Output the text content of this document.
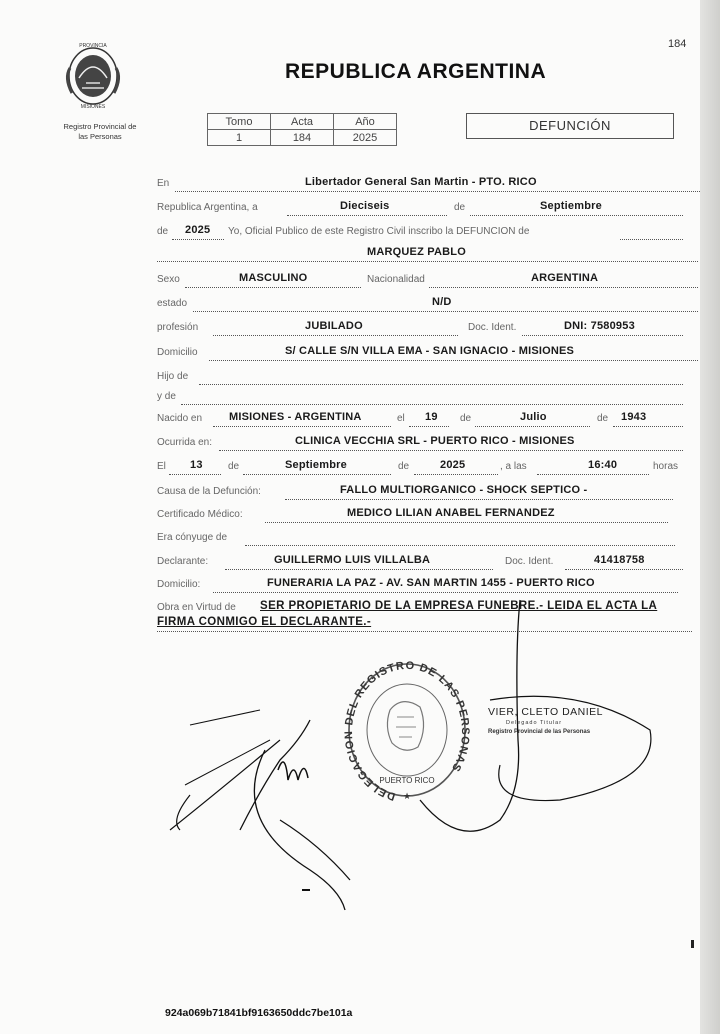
184
PROVINCIA
MISIONES
Registro Provincial de
las Personas
REPUBLICA ARGENTINA
Tomo	Acta	Año
1	184	2025
DEFUNCIÓN
En	Libertador General San Martin - PTO. RICO
Republica Argentina, a	Dieciseis	de	Septiembre
de 2025 Yo, Oficial Publico de este Registro Civil inscribo la DEFUNCION de
MARQUEZ PABLO
Sexo	MASCULINO	Nacionalidad	ARGENTINA
estado	N/D
profesión	JUBILADO	Doc. Ident.	DNI: 7580953
Domicilio	S/ CALLE S/N VILLA EMA - SAN IGNACIO - MISIONES
Hijo de
y de
Nacido en MISIONES - ARGENTINA	el 19 de	Julio	de 1943
Ocurrida en:	CLINICA VECCHIA SRL - PUERTO RICO - MISIONES
El 13	de	Septiembre	de	2025	, a las	16:40	horas
Causa de la Defunción:	FALLO MULTIORGANICO - SHOCK SEPTICO -
Certificado Médico:	MEDICO LILIAN ANABEL FERNANDEZ
Era cónyuge de
Declarante:	GUILLERMO LUIS VILLALBA	Doc. Ident.	41418758
Domicilio:	FUNERARIA LA PAZ - AV. SAN MARTIN 1455 - PUERTO RICO
Obra en Virtud de SER PROPIETARIO DE LA EMPRESA FUNEBRE.- LEIDA EL ACTA LA
FIRMA CONMIGO EL DECLARANTE.-
DELEGACION DEL REGISTRO DE LAS PERSONAS
PUERTO RICO
★
VIER, CLETO DANIEL
Delegado Titular
Registro Provincial de las Personas
924a069b71841bf9163650ddc7be101a
